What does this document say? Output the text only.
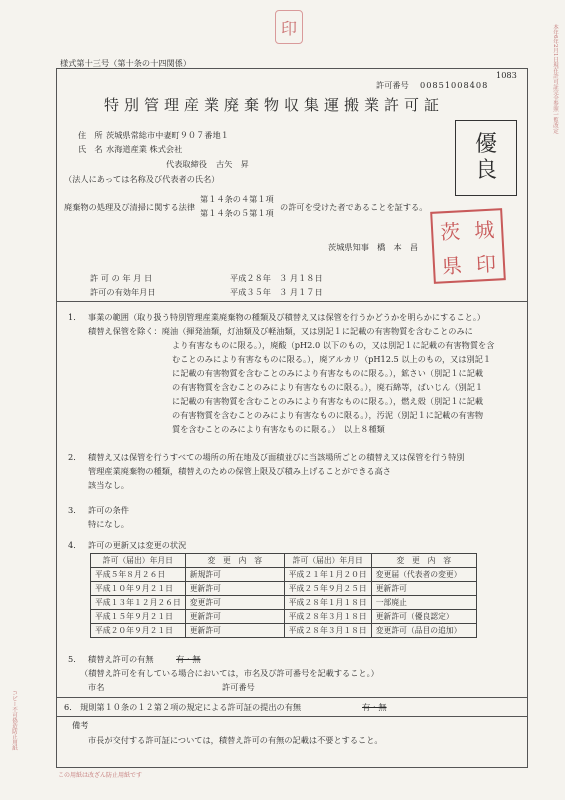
印	本年6年2月1日現在許可証完全参照一覧改定
様式第十三号（第十条の十四関係）
1083
許可番号 00851008408
特別管理産業廃棄物収集運搬業許可証
住　所 茨城県常総市中妻町９０７番地１
氏　名 水海道産業 株式会社
代表取締役 古矢　昇
（法人にあっては名称及び代表者の氏名）
優
良
廃棄物の処理及び清掃に関する法律
第１４条の４第１項
第１４条の５第１項
の許可を受けた者であることを証する。
茨城県知事　橋　本　昌
茨 城
県 印
許 可 の 年 月 日	平成２８年　３ 月１８日
許可の有効年月日	平成３５年　３ 月１７日
1． 事業の範囲（取り扱う特別管理産業廃棄物の種類及び積替え又は保管を行うかどうかを明らかにすること。）
積替え保管を除く：廃油（揮発油類，灯油類及び軽油類，又は別記１に記載の有害物質を含むことのみに
より有害なものに限る。），廃酸（pH2.0 以下のもの，又は別記１に記載の有害物質を含
むことのみにより有害なものに限る。），廃アルカリ（pH12.5 以上のもの，又は別記１
に記載の有害物質を含むことのみにより有害なものに限る。），鉱さい（別記１に記載
の有害物質を含むことのみにより有害なものに限る。），廃石綿等，ばいじん（別記１
に記載の有害物質を含むことのみにより有害なものに限る。），燃え殻（別記１に記載
の有害物質を含むことのみにより有害なものに限る。），汚泥（別記１に記載の有害物
質を含むことのみにより有害なものに限る。）　以上８種類
2． 積替え又は保管を行うすべての場所の所在地及び面積並びに当該場所ごとの積替え又は保管を行う特別
管理産業廃棄物の種類，積替えのための保管上限及び積み上げることができる高さ
該当なし。
3． 許可の条件
特になし。
4． 許可の更新又は変更の状況
許可（届出）年月日	変　更　内　容	許可（届出）年月日	変　更　内　容
平成５年８月２６日	新規許可	平成２１年１月２０日	変更届（代表者の変更）
平成１０年９月２１日	更新許可	平成２５年９月２５日	更新許可
平成１３年１２月２６日	変更許可	平成２８年１月１８日	一部廃止
平成１５年９月２１日	更新許可	平成２８年３月１８日	更新許可（優良認定）
平成２０年９月２１日	更新許可	平成２８年３月１８日	変更許可（品目の追加）
5． 積替え許可の有無	有・無
（積替え許可を有している場合においては，市名及び許可番号を記載すること。）
市名	許可番号
6． 規則第１０条の１２第２項の規定による許可証の提出の有無	有・無
備考
市長が交付する許可証については，積替え許可の有無の記載は不要とすること。
コピー不可偽造防止用紙
この用紙は改ざん防止用紙です
